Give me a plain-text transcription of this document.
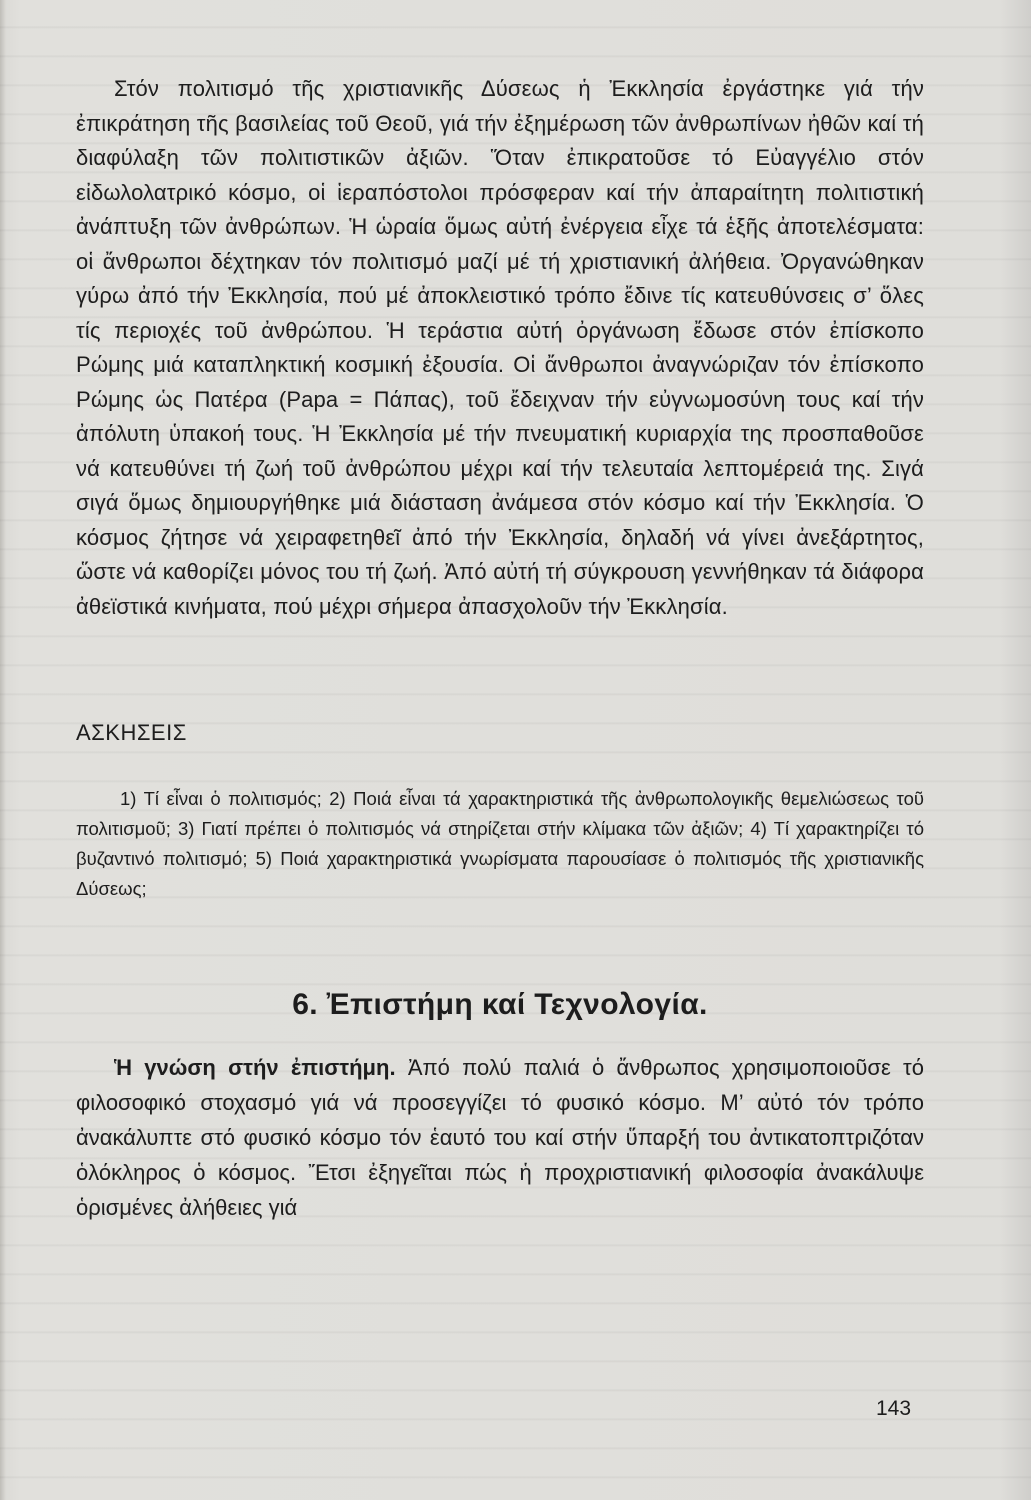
Στόν πολιτισμό τῆς χριστιανικῆς Δύσεως ἡ Ἐκκλησία ἐργάστηκε γιά τήν ἐπικράτηση τῆς βασιλείας τοῦ Θεοῦ, γιά τήν ἐξημέρωση τῶν ἀνθρωπίνων ἠθῶν καί τή διαφύλαξη τῶν πολιτιστικῶν ἀξιῶν. Ὅταν ἐπικρατοῦσε τό Εὐαγγέλιο στόν εἰδωλολατρικό κόσμο, οἱ ἱεραπόστολοι πρόσφεραν καί τήν ἀπαραίτητη πολιτιστική ἀνάπτυξη τῶν ἀνθρώπων. Ἡ ὡραία ὅμως αὐτή ἐνέργεια εἶχε τά ἑξῆς ἀποτελέσματα: οἱ ἄνθρωποι δέχτηκαν τόν πολιτισμό μαζί μέ τή χριστιανική ἀλήθεια. Ὀργανώθηκαν γύρω ἀπό τήν Ἐκκλησία, πού μέ ἀποκλειστικό τρόπο ἔδινε τίς κατευθύνσεις σ’ ὅλες τίς περιοχές τοῦ ἀνθρώπου. Ἡ τεράστια αὐτή ὀργάνωση ἔδωσε στόν ἐπίσκοπο Ρώμης μιά καταπληκτική κοσμική ἐξουσία. Οἱ ἄνθρωποι ἀναγνώριζαν τόν ἐπίσκοπο Ρώμης ὡς Πατέρα (Papa = Πάπας), τοῦ ἔδειχναν τήν εὐγνωμοσύνη τους καί τήν ἀπόλυτη ὑπακοή τους. Ἡ Ἐκκλησία μέ τήν πνευματική κυριαρχία της προσπαθοῦσε νά κατευθύνει τή ζωή τοῦ ἀνθρώπου μέχρι καί τήν τελευταία λεπτομέρειά της. Σιγά σιγά ὅμως δημιουργήθηκε μιά διάσταση ἀνάμεσα στόν κόσμο καί τήν Ἐκκλησία. Ὁ κόσμος ζήτησε νά χειραφετηθεῖ ἀπό τήν Ἐκκλησία, δηλαδή νά γίνει ἀνεξάρτητος, ὥστε νά καθορίζει μόνος του τή ζωή. Ἀπό αὐτή τή σύγκρουση γεννήθηκαν τά διάφορα ἀθεϊστικά κινήματα, πού μέχρι σήμερα ἀπασχολοῦν τήν Ἐκκλησία.

ΑΣΚΗΣΕΙΣ

1) Τί εἶναι ὁ πολιτισμός; 2) Ποιά εἶναι τά χαρακτηριστικά τῆς ἀνθρωπολογικῆς θεμελιώσεως τοῦ πολιτισμοῦ; 3) Γιατί πρέπει ὁ πολιτισμός νά στηρίζεται στήν κλίμακα τῶν ἀξιῶν; 4) Τί χαρακτηρίζει τό βυζαντινό πολιτισμό; 5) Ποιά χαρακτηριστικά γνωρίσματα παρουσίασε ὁ πολιτισμός τῆς χριστιανικῆς Δύσεως;

6. Ἐπιστήμη καί Τεχνολογία.

Ἡ γνώση στήν ἐπιστήμη. Ἀπό πολύ παλιά ὁ ἄνθρωπος χρησιμοποιοῦσε τό φιλοσοφικό στοχασμό γιά νά προσεγγίζει τό φυσικό κόσμο. Μ’ αὐτό τόν τρόπο ἀνακάλυπτε στό φυσικό κόσμο τόν ἑαυτό του καί στήν ὕπαρξή του ἀντικατοπτριζόταν ὁλόκληρος ὁ κόσμος. Ἔτσι ἐξηγεῖται πώς ἡ προχριστιανική φιλοσοφία ἀνακάλυψε ὁρισμένες ἀλήθειες γιά

143
